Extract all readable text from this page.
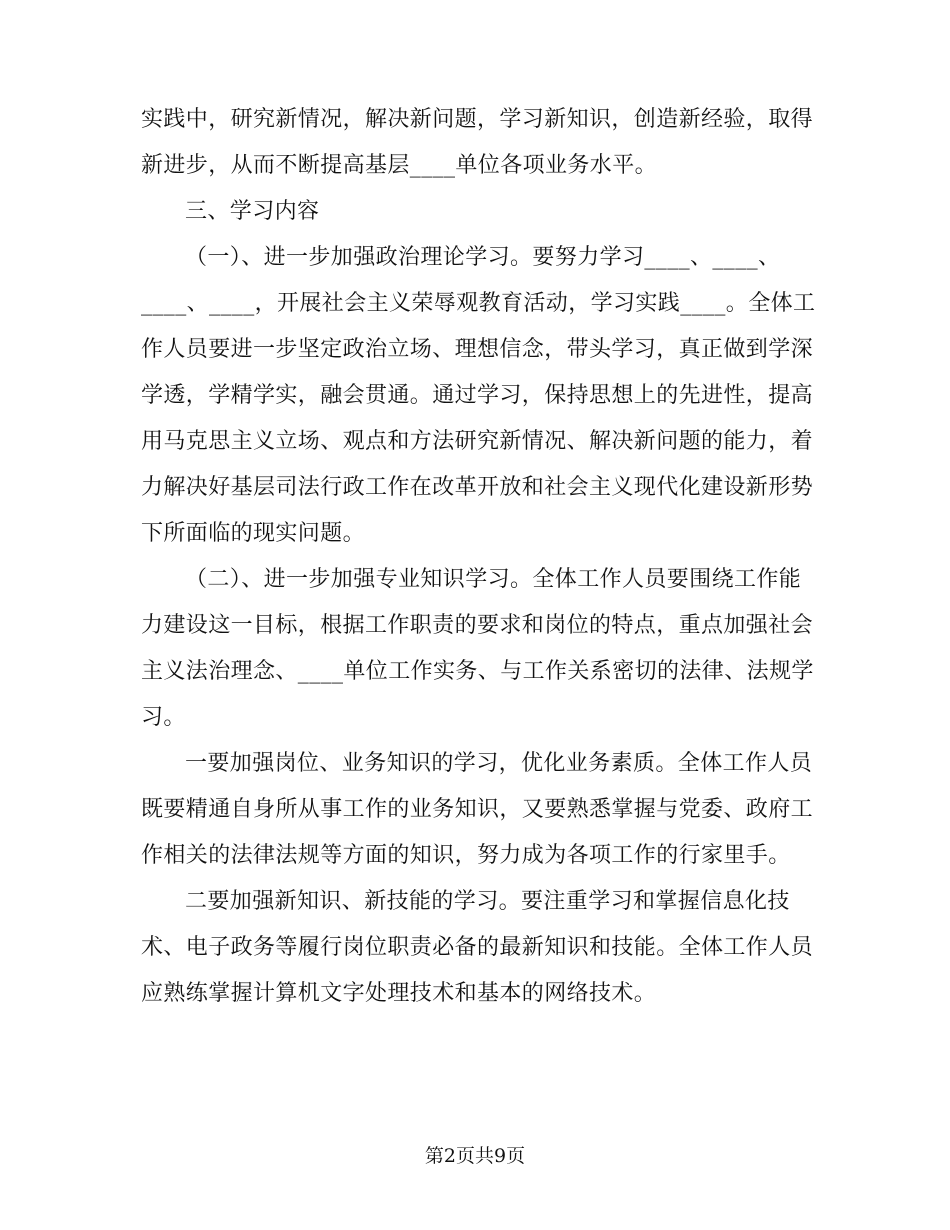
实践中，研究新情况，解决新问题，学习新知识，创造新经验，取得
新进步，从而不断提高基层____单位各项业务水平。
三、学习内容
（一）、进一步加强政治理论学习。要努力学习____、____、
____、____，开展社会主义荣辱观教育活动，学习实践____。全体工
作人员要进一步坚定政治立场、理想信念，带头学习，真正做到学深
学透，学精学实，融会贯通。通过学习，保持思想上的先进性，提高
用马克思主义立场、观点和方法研究新情况、解决新问题的能力，着
力解决好基层司法行政工作在改革开放和社会主义现代化建设新形势
下所面临的现实问题。
（二）、进一步加强专业知识学习。全体工作人员要围绕工作能
力建设这一目标，根据工作职责的要求和岗位的特点，重点加强社会
主义法治理念、____单位工作实务、与工作关系密切的法律、法规学
习。
一要加强岗位、业务知识的学习，优化业务素质。全体工作人员
既要精通自身所从事工作的业务知识，又要熟悉掌握与党委、政府工
作相关的法律法规等方面的知识，努力成为各项工作的行家里手。
二要加强新知识、新技能的学习。要注重学习和掌握信息化技
术、电子政务等履行岗位职责必备的最新知识和技能。全体工作人员
应熟练掌握计算机文字处理技术和基本的网络技术。
第2页共9页
